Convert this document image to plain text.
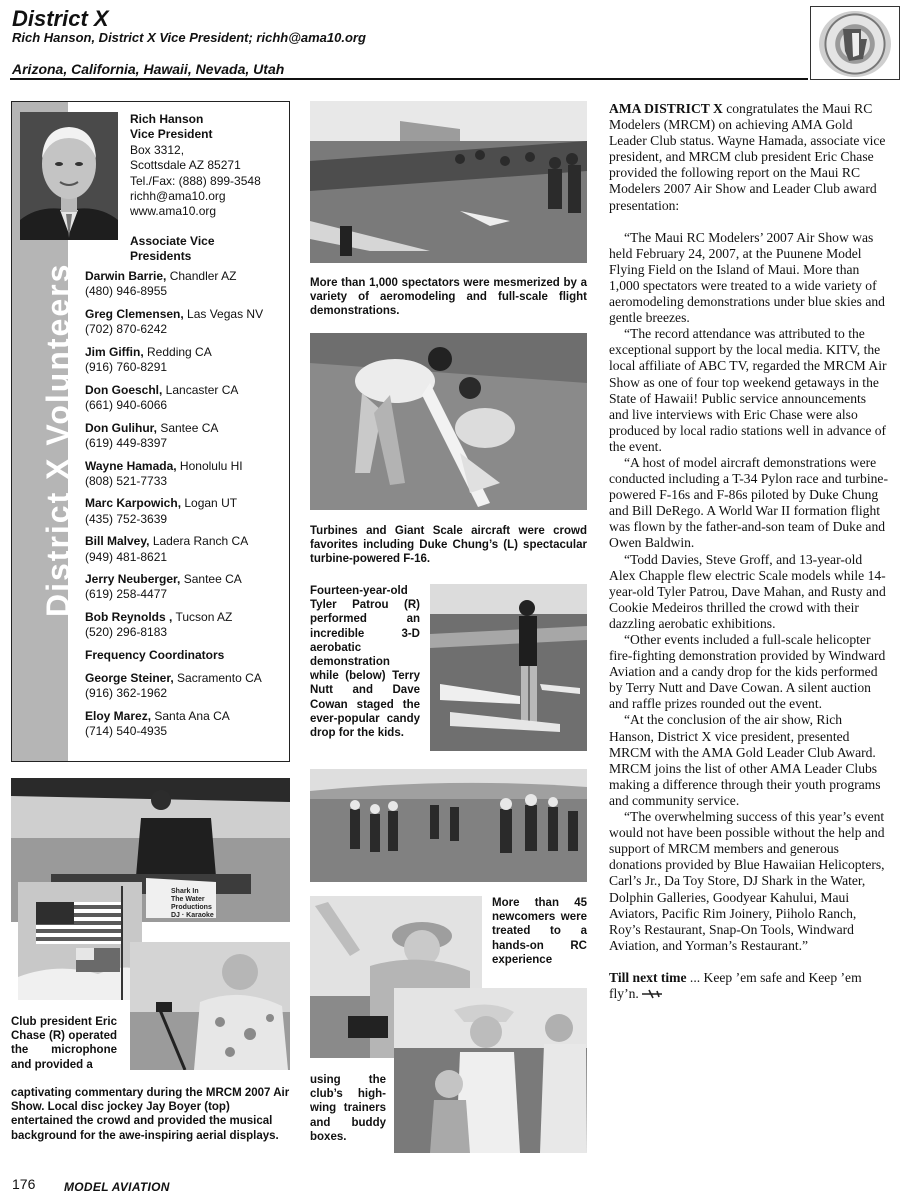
District X
Rich Hanson, District X Vice President; richh@ama10.org
Arizona, California, Hawaii, Nevada, Utah
District X Volunteers
Rich Hanson
Vice President
Box 3312,
Scottsdale AZ 85271
Tel./Fax: (888) 899-3548
richh@ama10.org
www.ama10.org
Associate Vice
Presidents
Darwin Barrie, Chandler AZ
(480) 946-8955
Greg Clemensen, Las Vegas NV
(702) 870-6242
Jim Giffin, Redding CA
(916) 760-8291
Don Goeschl, Lancaster CA
(661) 940-6066
Don Gulihur, Santee CA
(619) 449-8397
Wayne Hamada, Honolulu HI
(808) 521-7733
Marc Karpowich, Logan UT
(435) 752-3639
Bill Malvey, Ladera Ranch CA
(949) 481-8621
Jerry Neuberger, Santee CA
(619) 258-4477
Bob Reynolds , Tucson AZ
(520) 296-8183
Frequency Coordinators
George Steiner, Sacramento CA
(916) 362-1962
Eloy Marez, Santa Ana CA
(714) 540-4935
More than 1,000 spectators were mesmerized by a variety of aeromodeling and full-scale flight demonstrations.
Turbines and Giant Scale aircraft were crowd favorites including Duke Chung’s (L) spectacular turbine-powered F-16.
Fourteen-year-old Tyler Patrou (R) performed an incredible 3-D aerobatic demonstration while (below) Terry Nutt and Dave Cowan staged the ever-popular candy drop for the kids.
More than 45 newcomers were treated to a hands-on RC experience
using the club’s high-wing trainers and buddy boxes.
Shark In
The Water
Productions
DJ · Karaoke
Club president Eric Chase (R) operated the microphone and provided a
captivating commentary during the MRCM 2007 Air Show. Local disc jockey Jay Boyer (top) entertained the crowd and provided the musical background for the awe-inspiring aerial displays.

AMA DISTRICT X congratulates the Maui RC Modelers (MRCM) on achieving AMA Gold Leader Club status. Wayne Hamada, associate vice president, and MRCM club president Eric Chase provided the following report on the Maui RC Modelers 2007 Air Show and Leader Club award presentation:

“The Maui RC Modelers’ 2007 Air Show was held February 24, 2007, at the Puunene Model Flying Field on the Island of Maui. More than 1,000 spectators were treated to a wide variety of aeromodeling demonstrations under blue skies and gentle breezes.

“The record attendance was attributed to the exceptional support by the local media. KITV, the local affiliate of ABC TV, regarded the MRCM Air Show as one of four top weekend getaways in the State of Hawaii! Public service announcements and live interviews with Eric Chase were also produced by local radio stations well in advance of the event.

“A host of model aircraft demonstrations were conducted including a T-34 Pylon race and turbine-powered F-16s and F-86s piloted by Duke Chung and Bill DeRego. A World War II formation flight was flown by the father-and-son team of Duke and Owen Baldwin.

“Todd Davies, Steve Groff, and 13-year-old Alex Chapple flew electric Scale models while 14-year-old Tyler Patrou, Dave Mahan, and Rusty and Cookie Medeiros thrilled the crowd with their dazzling aerobatic exhibitions.

“Other events included a full-scale helicopter fire-fighting demonstration provided by Windward Aviation and a candy drop for the kids performed by Terry Nutt and Dave Cowan. A silent auction and raffle prizes rounded out the event.

“At the conclusion of the air show, Rich Hanson, District X vice president, presented MRCM with the AMA Gold Leader Club Award. MRCM joins the list of other AMA Leader Clubs making a difference through their youth programs and community service.

“The overwhelming success of this year’s event would not have been possible without the help and support of MRCM members and generous donations provided by Blue Hawaiian Helicopters, Carl’s Jr., Da Toy Store, DJ Shark in the Water, Dolphin Galleries, Goodyear Kahului, Maui Aviators, Pacific Rim Joinery, Piiholo Ranch, Roy’s Restaurant, Snap-On Tools, Windward Aviation, and Yorman’s Restaurant.”

Till next time ... Keep ’em safe and Keep ’em fly’n.

176 MODEL AVIATION
